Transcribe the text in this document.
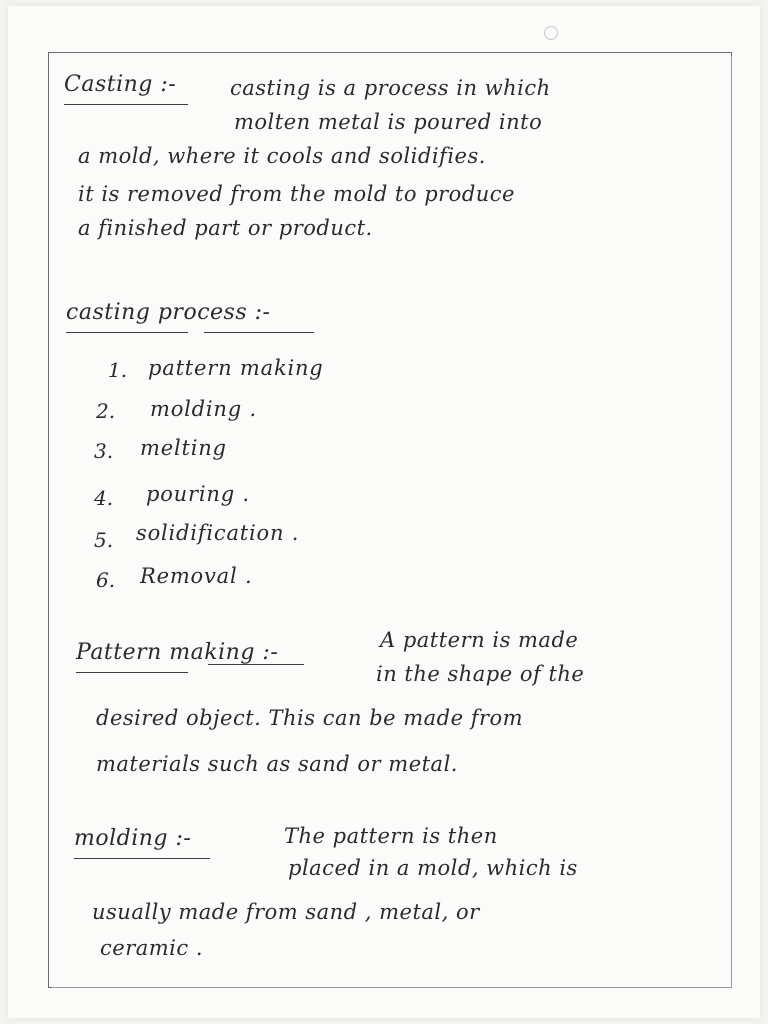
Casting :-	casting is a process in which
molten metal is poured into
a mold, where it cools and solidifies.
it is removed from the mold to produce
a finished part or product.
casting process :-
1. pattern making
2. molding .
3. melting
4. pouring .
5. solidification .
6. Removal .
Pattern making :-	A pattern is made
in the shape of the
desired object. This can be made from
materials such as sand or metal.
molding :-	The pattern is then
placed in a mold, which is
usually made from sand , metal, or
ceramic .
